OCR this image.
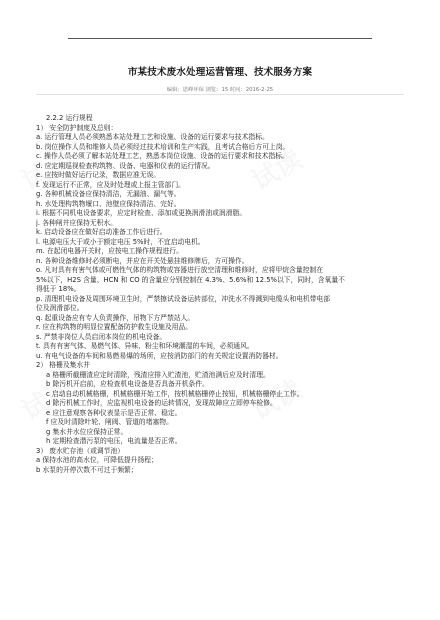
市某技术废水处理运营管理、技术服务方案
编辑：恩峰环保 浏览：15 时间：2016-2-25
2.2.2 运行规程
1） 安全防护制度及总则：
a. 运行管理人员必须熟悉本站处理工艺和设施、设备的运行要求与技术指标。
b. 岗位操作人员和维修人员必须经过技术培训和生产实践，且考试合格后方可上岗。
c. 操作人员必须了解本站处理工艺，熟悉本岗位设施、设备的运行要求和技术指标。
d. 应定期巡视检查构筑物、设备、电器和仪表的运行情况。
e. 应按时做好运行记录，数据应准无误。
f. 发现运行不正常，应及时处理或上报主管部门。
g. 各种机械设备应保持清洁，无漏油、漏气等。
h. 水处理构筑物堰口、池壁应保持清洁、完好。
i. 根据不同机电设备要求，应定时检查、添加或更换润滑油或润滑脂。
j. 各种闸井应保持无积水。
k. 启动设备应在做好启动准备工作后进行。
l. 电源电压大于或小于额定电压 5%时，不宜启动电机。
m. 在起闭电器开关时，应按电工操作规程进行。
n. 各种设备维修时必须断电，并应在开关处悬挂维修牌后，方可操作。
o. 凡对具有有害气体或可燃性气体的构筑物或容器进行放空清理和维修时，应将甲烷含量控制在
5%以下，H2S 含量、HCN 和 CO 的含量应分别控制在 4.3%、5.6%和 12.5%以下，同时，含氧量不
得低于 18%。
p. 清理机电设备及周围环境卫生时，严禁擦试设备运转部位，冲洗水不得溅到电缆头和电机带电部
位及润滑部位。
q. 起重设备应有专人负责操作，吊物下方严禁站人。
r. 应在构筑物的明显位置配备防护救生设施及用品。
s. 严禁非岗位人员启闭本岗位的机电设备。
t. 具有有害气体、易燃气体、异味、粉尘和环境潮湿的车间，必须通风。
u. 有电气设备的车间和易燃易爆的场所，应按消防部门的有关规定设置消防器材。
2） 格栅及集水井
a 格栅所截栅渣应定时清除，残渣应排入贮渣池，贮渣池满后应及时清理。
b 除污机开启前，应检查机电设备是否具备开机条件。
c 启动自动机械格栅，机械格栅开始工作，按机械格栅停止按钮，机械格栅停止工作。
d 除污机械工作时，应监视机电设备的运转情况，发现故障应立即停车检修。
e 应注意观察各种仪表显示是否正常、稳定。
f 应及时清除叶轮、闸阀、管道的堵塞物。
g 集水井水位应保持正常。
h 定期检查潜污泵的电压，电流量是否正常。
3） 废水贮存池（或调节池）
a 保持水池的高水位，可降低提升扬程；
b 水泵的开停次数不可过于频繁；
